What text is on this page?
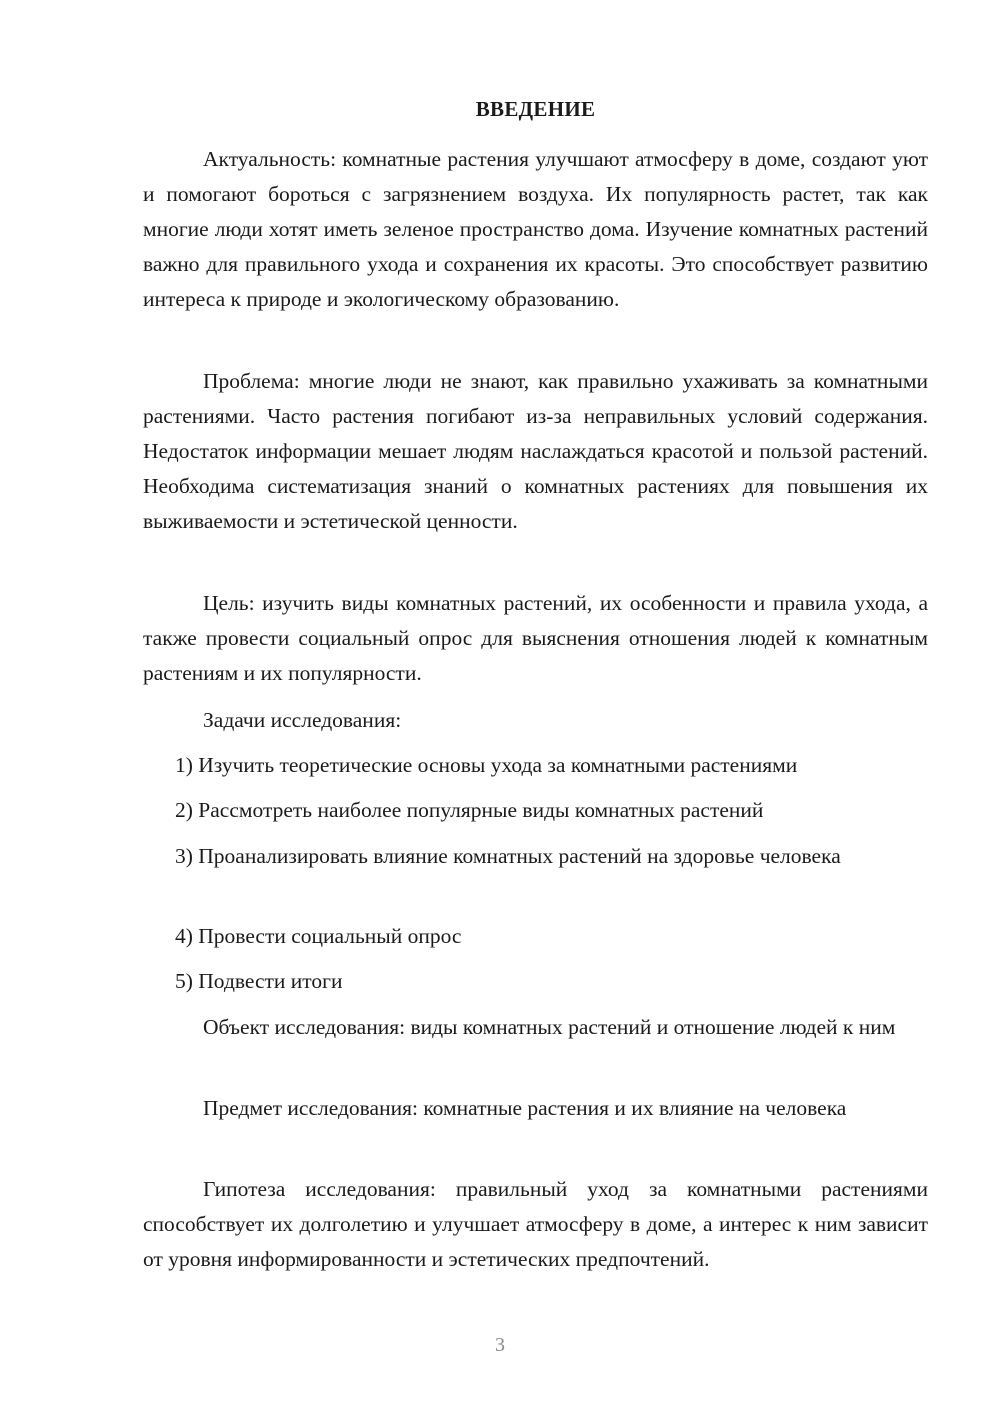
ВВЕДЕНИЕ

Актуальность: комнатные растения улучшают атмосферу в доме, создают уют и помогают бороться с загрязнением воздуха. Их популярность растет, так как многие люди хотят иметь зеленое пространство дома. Изучение комнатных растений важно для правильного ухода и сохранения их красоты. Это способствует развитию интереса к природе и экологическому образованию.

Проблема: многие люди не знают, как правильно ухаживать за комнатными растениями. Часто растения погибают из-за неправильных условий содержания. Недостаток информации мешает людям наслаждаться красотой и пользой растений. Необходима систематизация знаний о комнатных растениях для повышения их выживаемости и эстетической ценности.

Цель: изучить виды комнатных растений, их особенности и правила ухода, а также провести социальный опрос для выяснения отношения людей к комнатным растениям и их популярности.

Задачи исследования:

1) Изучить теоретические основы ухода за комнатными растениями

2) Рассмотреть наиболее популярные виды комнатных растений

3) Проанализировать влияние комнатных растений на здоровье человека

4) Провести социальный опрос

5) Подвести итоги

Объект исследования: виды комнатных растений и отношение людей к ним

Предмет исследования: комнатные растения и их влияние на человека

Гипотеза исследования: правильный уход за комнатными растениями способствует их долголетию и улучшает атмосферу в доме, а интерес к ним зависит от уровня информированности и эстетических предпочтений.

3
